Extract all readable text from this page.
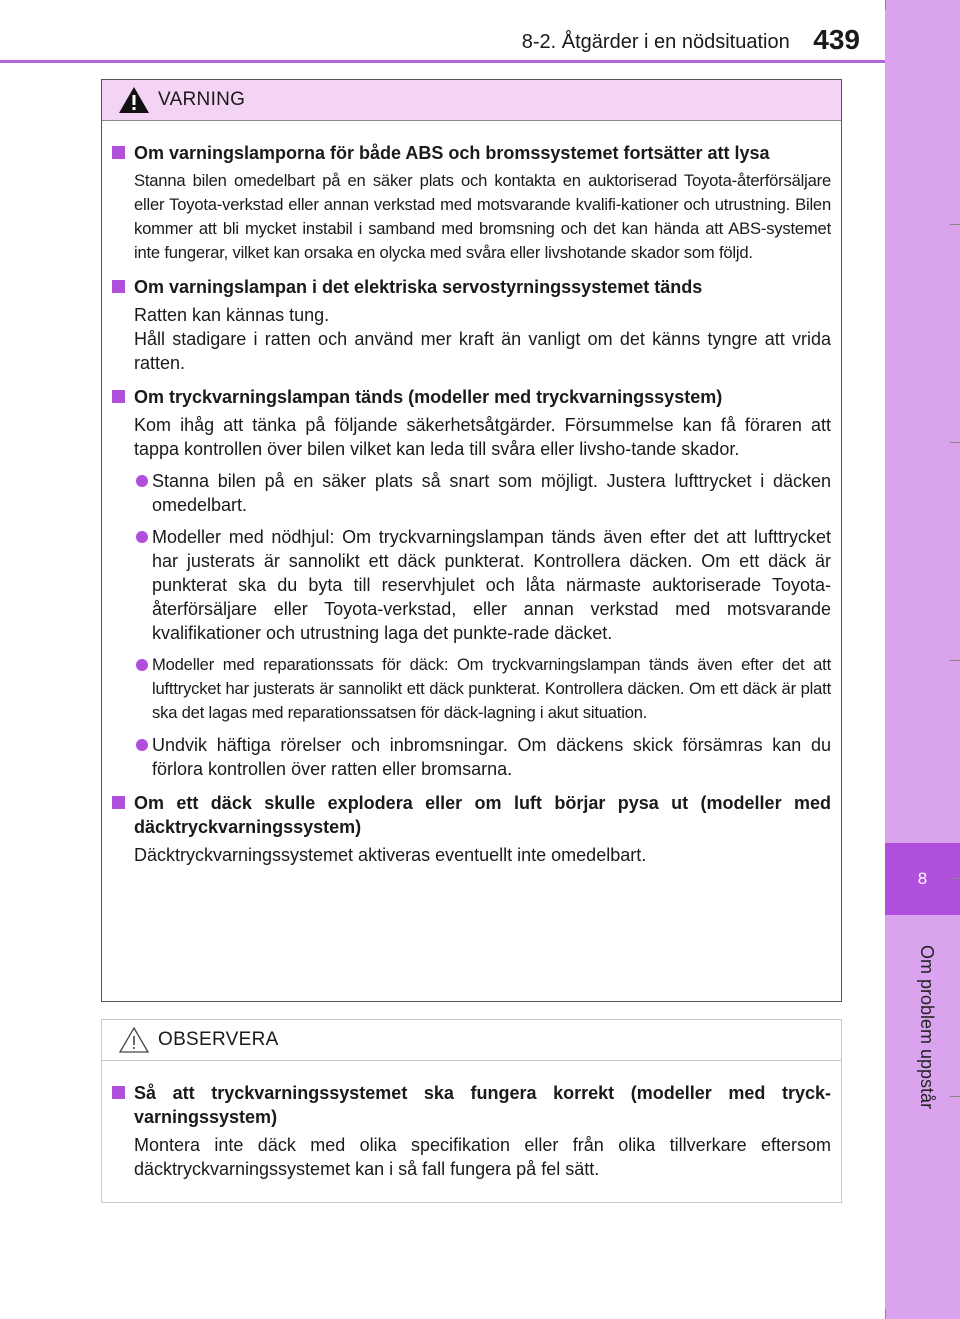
8-2. Åtgärder i en nödsituation 439
8
VARNING
Om varningslamporna för både ABS och bromssystemet fortsätter att lysa
Stanna bilen omedelbart på en säker plats och kontakta en auktoriserad Toyota-återförsäljare eller Toyota-verkstad eller annan verkstad med motsvarande kvalifi-kationer och utrustning. Bilen kommer att bli mycket instabil i samband med bromsning och det kan hända att ABS-systemet inte fungerar, vilket kan orsaka en olycka med svåra eller livshotande skador som följd.
Om varningslampan i det elektriska servostyrningssystemet tänds
Ratten kan kännas tung.
Håll stadigare i ratten och använd mer kraft än vanligt om det känns tyngre att vrida ratten.
Om tryckvarningslampan tänds (modeller med tryckvarningssystem)
Kom ihåg att tänka på följande säkerhetsåtgärder. Försummelse kan få föraren att tappa kontrollen över bilen vilket kan leda till svåra eller livsho-tande skador.
Stanna bilen på en säker plats så snart som möjligt. Justera lufttrycket i däcken omedelbart.
Modeller med nödhjul: Om tryckvarningslampan tänds även efter det att lufttrycket har justerats är sannolikt ett däck punkterat. Kontrollera däcken. Om ett däck är punkterat ska du byta till reservhjulet och låta närmaste auktoriserade Toyota-återförsäljare eller Toyota-verkstad, eller annan verkstad med motsvarande kvalifikationer och utrustning laga det punkte-rade däcket.
Modeller med reparationssats för däck: Om tryckvarningslampan tänds även efter det att lufttrycket har justerats är sannolikt ett däck punkterat. Kontrollera däcken. Om ett däck är platt ska det lagas med reparationssatsen för däck-lagning i akut situation.
Undvik häftiga rörelser och inbromsningar. Om däckens skick försämras kan du förlora kontrollen över ratten eller bromsarna.
Om ett däck skulle explodera eller om luft börjar pysa ut (modeller med däcktryckvarningssystem)
Däcktryckvarningssystemet aktiveras eventuellt inte omedelbart.
OBSERVERA
Så att tryckvarningssystemet ska fungera korrekt (modeller med tryck-varningssystem)
Montera inte däck med olika specifikation eller från olika tillverkare eftersom däcktryckvarningssystemet kan i så fall fungera på fel sätt.
